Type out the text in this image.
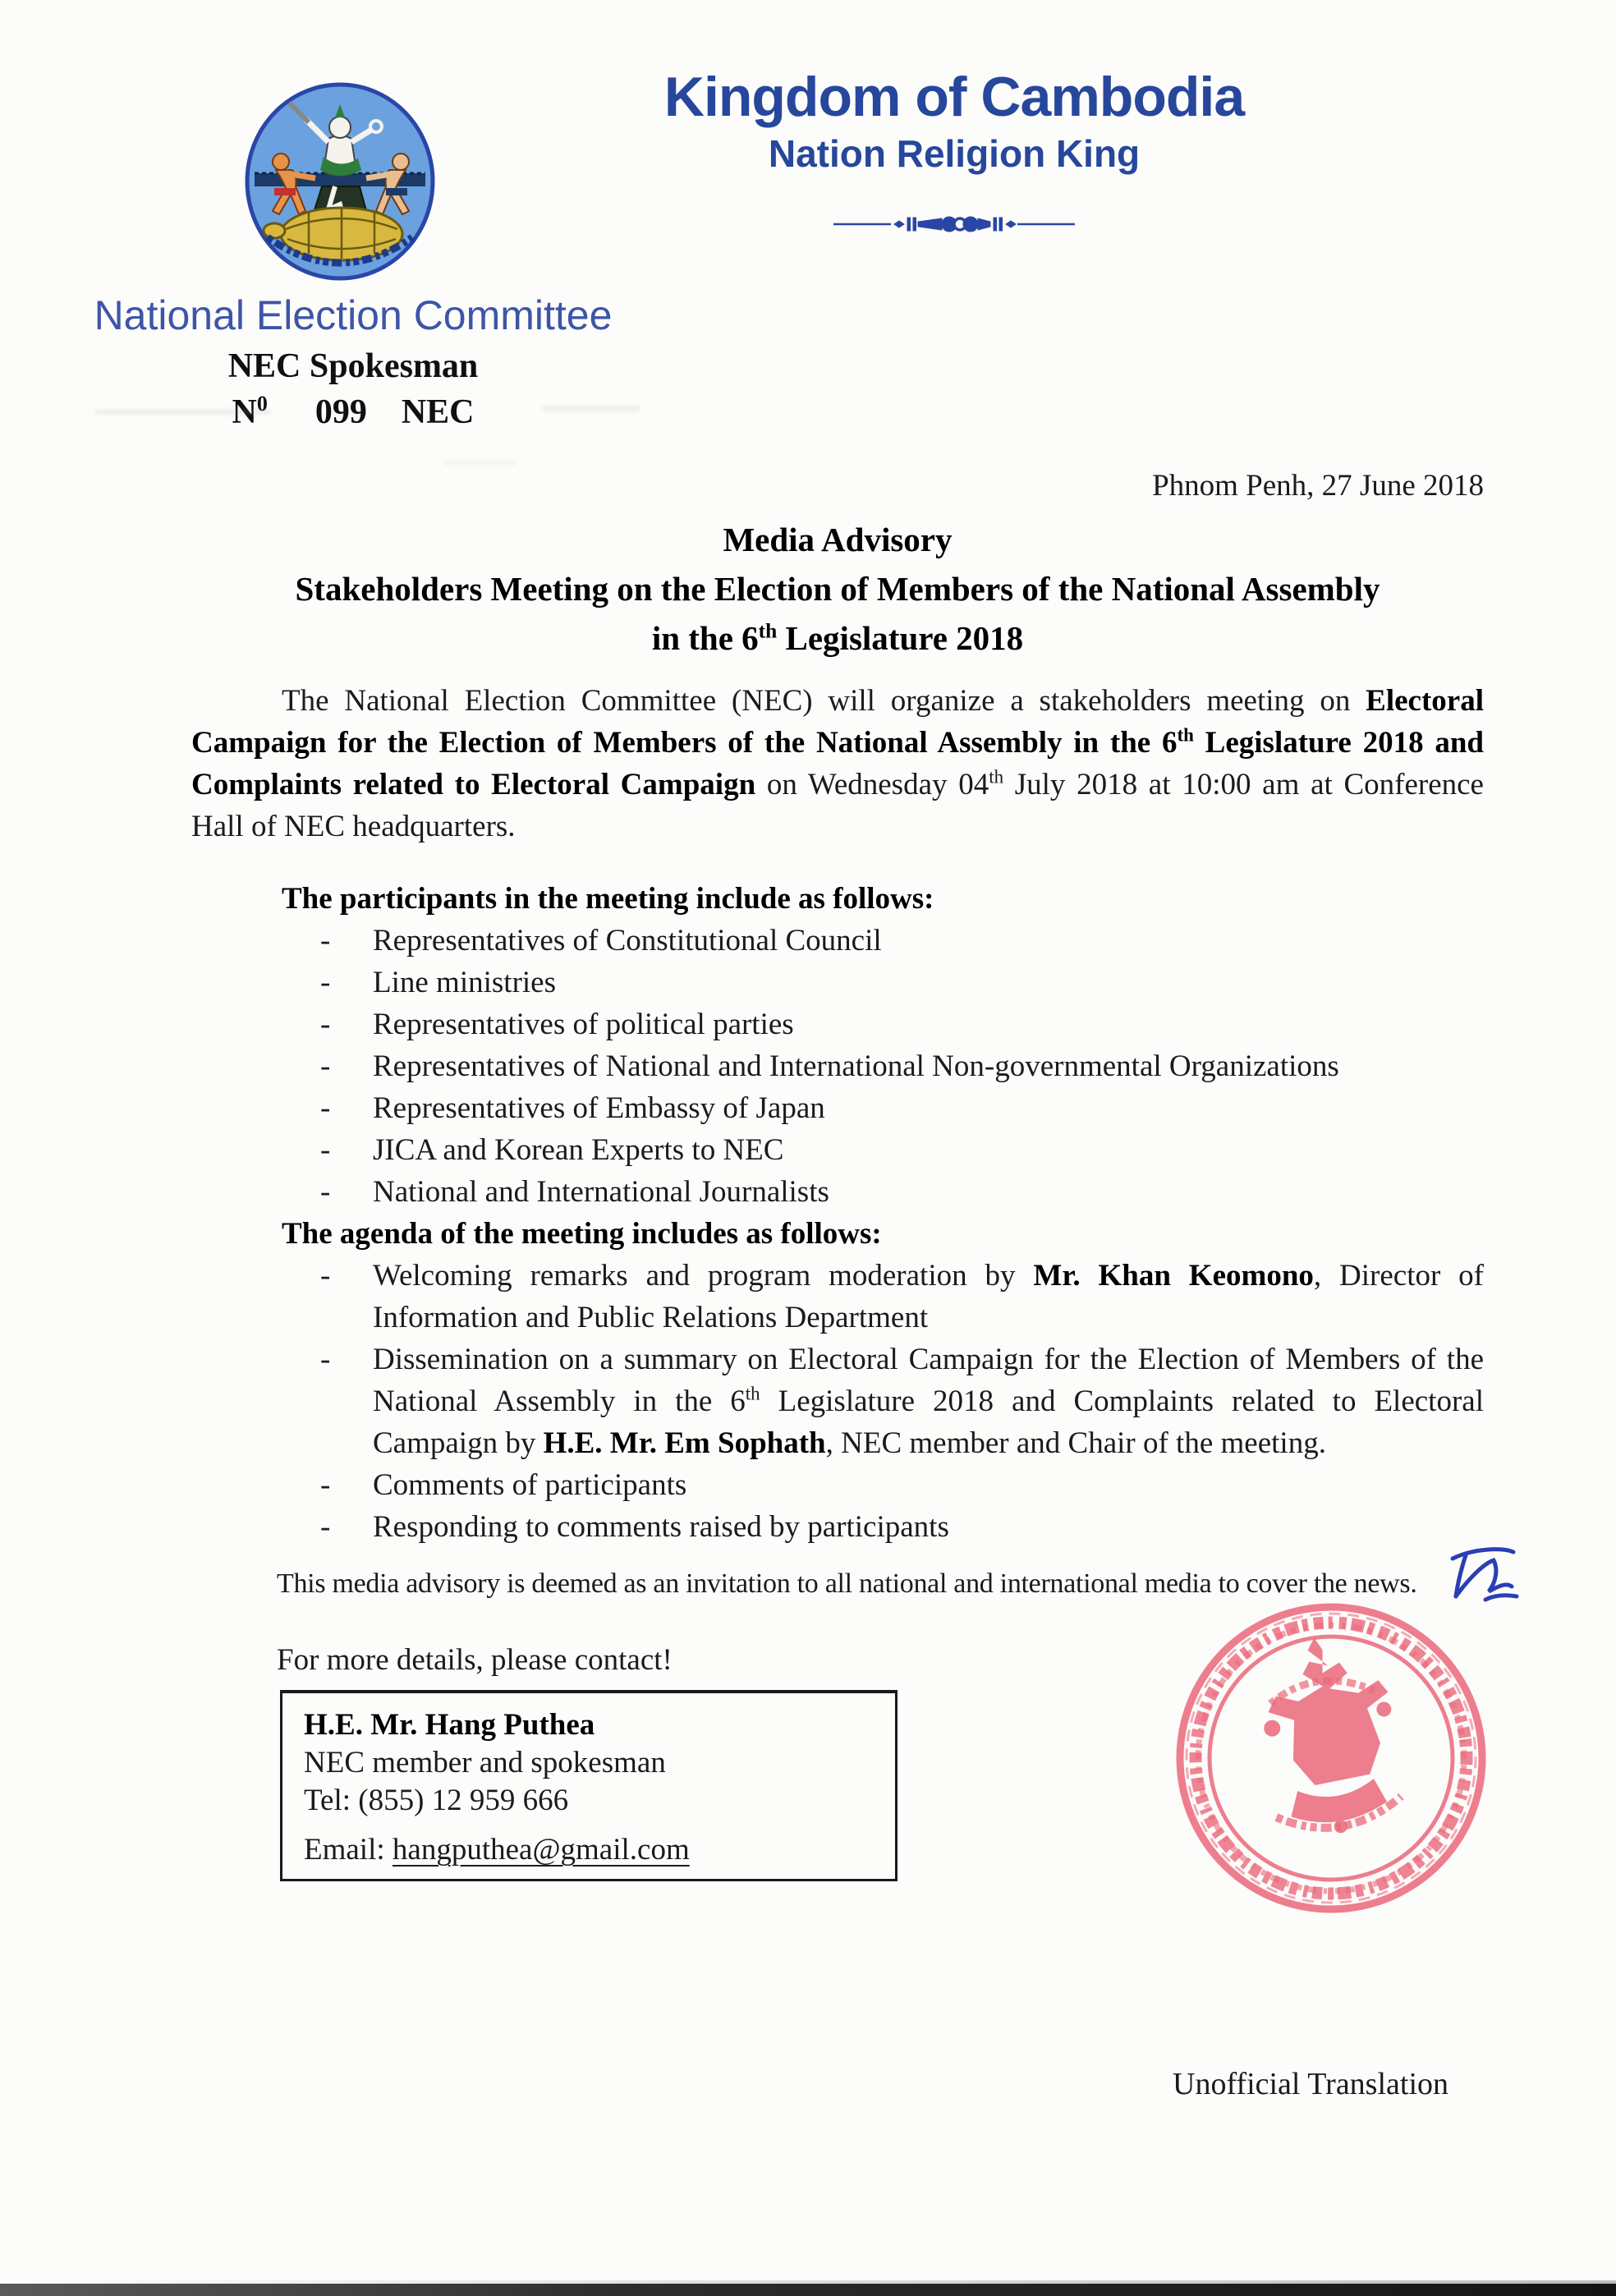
Kingdom of Cambodia
Nation Religion King
National Election Committee
NEC Spokesman
$N^0$ 099 NEC
Phnom Penh, 27 June 2018
Media Advisory
Stakeholders Meeting on the Election of Members of the National Assembly
in the 6th Legislature 2018

The National Election Committee (NEC) will organize a stakeholders meeting on Electoral Campaign for the Election of Members of the National Assembly in the 6th Legislature 2018 and Complaints related to Electoral Campaign on Wednesday 04th July 2018 at 10:00 am at Conference Hall of NEC headquarters.

The participants in the meeting include as follows:
- Representatives of Constitutional Council
- Line ministries
- Representatives of political parties
- Representatives of National and International Non-governmental Organizations
- Representatives of Embassy of Japan
- JICA and Korean Experts to NEC
- National and International Journalists
The agenda of the meeting includes as follows:
- Welcoming remarks and program moderation by Mr. Khan Keomono, Director of Information and Public Relations Department
- Dissemination on a summary on Electoral Campaign for the Election of Members of the National Assembly in the 6th Legislature 2018 and Complaints related to Electoral Campaign by H.E. Mr. Em Sophath, NEC member and Chair of the meeting.
- Comments of participants
- Responding to comments raised by participants
This media advisory is deemed as an invitation to all national and international media to cover the news.
For more details, please contact!
H.E. Mr. Hang Puthea
NEC member and spokesman
Tel: (855) 12 959 666
Email: hangputhea@gmail.com
Unofficial Translation
